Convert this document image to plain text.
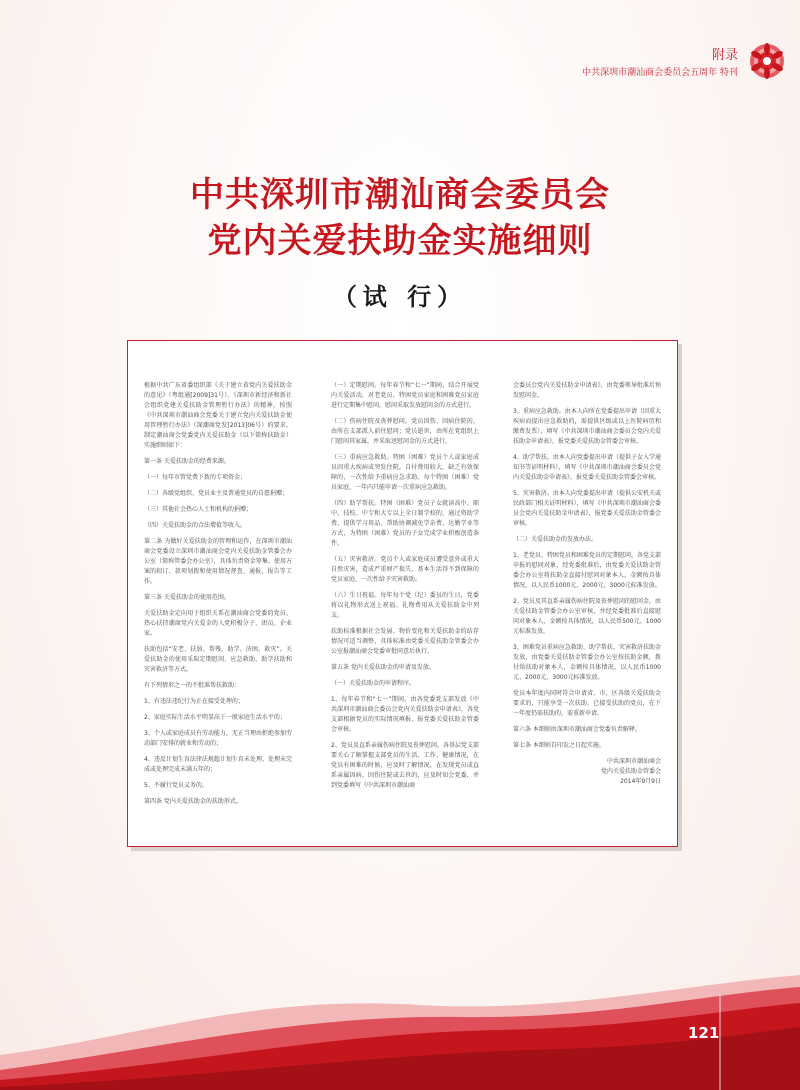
附录
中共深圳市潮汕商会委员会五周年 特刊
中共深圳市潮汕商会委员会
党内关爱扶助金实施细则
（试 行）

根据中共广东省委组织部《关于建立省党内关爱扶助金的意见》（粤组通[2009]31号）、《深圳市新经济和新社会组织党建关爱扶助金管理暂行办法》的精神，按照《中共深圳市潮汕商会党委关于建立党内关爱扶助金使用管理暂行办法》（深潮商党发[2013]06号）的要求，制定潮汕商会党委党内关爱扶助金（以下简称扶助金）实施细则如下：

第一条 关爱扶助金的经费来源。

（一）每年市管党费下拨的专项资金；

（二）各级党组织、党员业主及普通党员的自愿捐赠；

（三）其他社会热心人士和机构的捐赠；

（四）关爱扶助金的合法增值等收入。

第二条 为做好关爱扶助金的管理和运作，在深圳市潮汕商会党委设立深圳市潮汕商会党内关爱扶助金管委会办公室（简称管委会办公室），具体负责资金筹集、使用方案的拟订、款项划拨和使用情况督查、通报、报告等工作。

第三条 关爱扶助金的使用范围。

关爱扶助金定向用于组织关系在潮汕商会党委的党员、热心扶持潮商党内关爱金的入党积极分子、团员、企业家。

扶助包括“安老、扶弱、帮残、助学、济困、救灾”。关爱扶助金的使用采取定期慰问、应急救助、助学扶助和灾害救济等方式。

有下列情形之一的不批准帮扶救助：

1、有违法违纪行为正在接受处理的；

2、家庭实际生活水平明显高于一般家庭生活水平的；

3、个人或家庭成员有劳动能力，无正当理由拒绝参加劳动部门安排的就业和劳动的；

4、违反计划生育法律法规超计划生育未处理、处理未完成或处理完成未满五年的；

5、不履行党员义务的。

第四条 党内关爱扶助金的扶助形式。

（一）定期慰问。每年春节和“七一”期间，结合开展党内关爱活动，对老党员、特困党员家庭和困难党员家庭进行定期集中慰问，慰问采取发放慰问金的方式进行。

（二）伤病住院及丧葬慰问。党员因伤、因病住院的，由所在支部派人前往慰问；党员逝世，由所在党组织上门慰问其家属，并采取送慰问金的方式进行。

（三）重病应急救助。特困（困难）党员个人或家庭成员因重大疾病或突发住院，自付费用较大，缺乏有效保障的，一次性给予重病应急求助。每个特困（困难）党员家庭，一年内只能申请一次重病应急救助。

（四）助学帮扶。特困（困难）党员子女就读高中、职中、技校、中专和大专以上全日制学校的，通过资助学费、提供学习用品、帮助协调减免学杂费、达勤学业等方式，为特困（困难）党员的子女完成学业积极创造条件。

（五）灾害救济。党员个人或家庭成员遭受意外或重大自然灾害，造成严重财产损失、基本生活得不到保障的党员家庭，一次性给予灾害救助。

（六）生日祝福。每年每个党（纪）委员的生日，党委将以礼物形式送上祝福。礼物费用从关爱扶助金中列支。

扶助标准根据社会发展、物价变化和关爱扶助金的结存情况可适当调整，具体标准由党委关爱扶助金管委会办公室报潮汕商会党委审批同意后执行。

第五条 党内关爱扶助金的申请及发放。

（一）关爱扶助金的申请程序。

1、每年春节和“七一”期间，由各党委党支部发放《中共深圳市潮汕商会委员会党内关爱扶助金申请表》，各党支部根据党员的实际情况填报，报党委关爱扶助金管委会审核。

2、党员及直系亲属伤病住院及丧葬慰问。各基层党支部要关心了解掌握支部党员的生活、工作、健康情况，在党员有困难的时候，应及时了解情况，在发现党员或直系亲属因病、因伤住院或去世的，应及时知会党委，并到党委填写《中共深圳市潮汕商

会委员会党内关爱扶助金申请表》，由党委领导批准后预发慰问金。

3、重病应急救助。由本人向所在党委提出申请（因重大疾病而提出应急救助的，需提供区级或以上医院病历和缴费发票），填写《中共深圳市潮汕商会委员会党内关爱扶助金申请表》，报党委关爱扶助金管委会审核。

4、助学帮扶。由本人向党委提出申请（提供子女入学通知书等证明材料），填写《中共深圳市潮汕商会委员会党内关爱扶助金申请表》，报党委关爱扶助金管委会审核。

5、灾害救济。由本人向党委提出申请（提供公安机关或民政部门相关证明材料），填写《中共深圳市潮汕商会委员会党内关爱扶助金申请表》，报党委关爱扶助金管委会审核。

（二）关爱扶助金的发放办法。

1、老党员、特困党员和困难党员的定期慰问，各党支部申报的慰问对象，经党委批准后，由党委关爱扶助金管委会办公室将扶助金直接付慰问对象本人，金额按具体情况，以人民币1000元、2000元、3000元标准发放。

2、党员及其直系亲属伤病住院及丧葬慰问的慰问金，由关爱扶助金管委会办公室审核，并经党委批准后直接慰问对象本人，金额按具体情况，以人民币500元、1000元标准发放。

3、困难党员重病应急救助、助学帮扶、灾害救济扶助金发放，由党委关爱扶助金管委会办公室按扶助金额，拨付给扶助对象本人，金额按具体情况，以人民币1000元、2000元、3000元标准发放。

党员本年度内同时符合申请省、市、区各级关爱扶助金要求的，只能享受一次扶助。已接受扶助的党员，在下一年度仍需扶助的，需重新申请。

第六条 本细则由深圳市潮汕商会党委负责解释。

第七条 本细则自印发之日起实施。

中共深圳市潮汕商会
党内关爱扶助金管委会
2014年9月9日
121
